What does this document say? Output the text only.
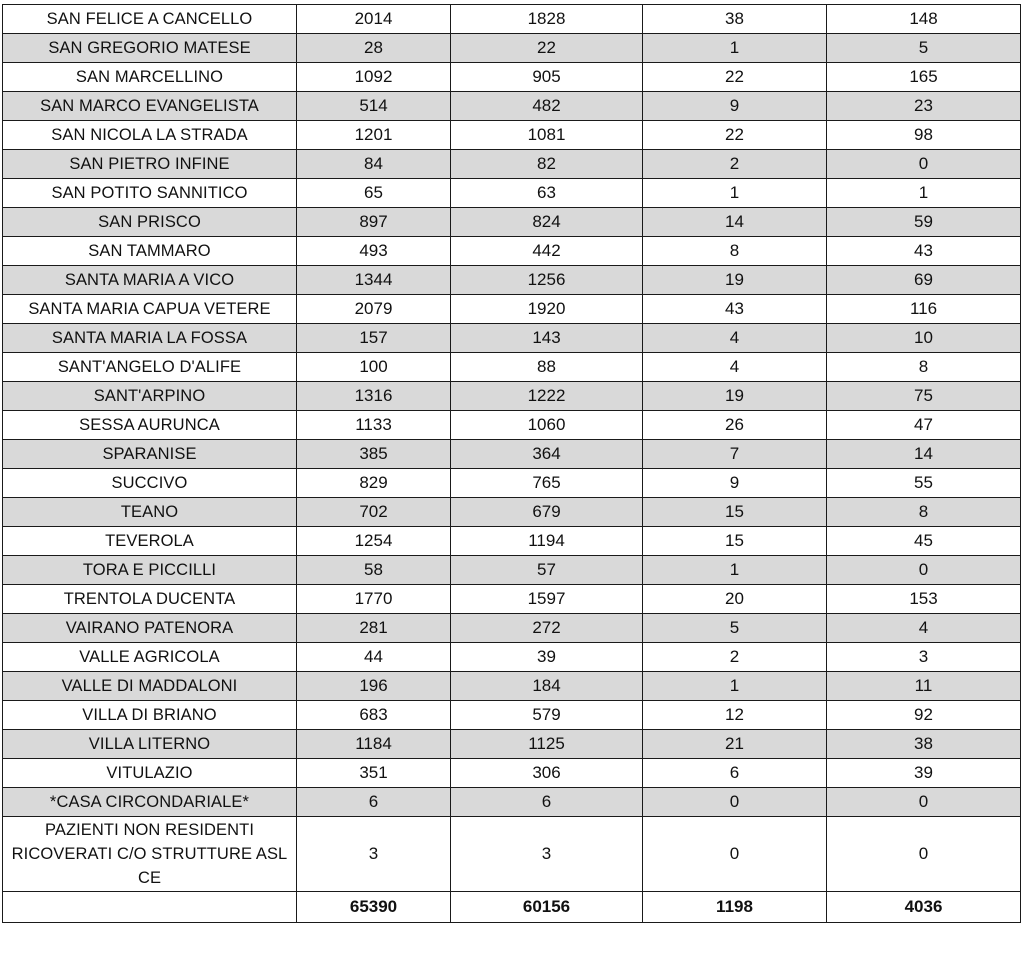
SAN FELICE A CANCELLO	2014	1828	38	148
SAN GREGORIO MATESE	28	22	1	5
SAN MARCELLINO	1092	905	22	165
SAN MARCO EVANGELISTA	514	482	9	23
SAN NICOLA LA STRADA	1201	1081	22	98
SAN PIETRO INFINE	84	82	2	0
SAN POTITO SANNITICO	65	63	1	1
SAN PRISCO	897	824	14	59
SAN TAMMARO	493	442	8	43
SANTA MARIA A VICO	1344	1256	19	69
SANTA MARIA CAPUA VETERE	2079	1920	43	116
SANTA MARIA LA FOSSA	157	143	4	10
SANT'ANGELO D'ALIFE	100	88	4	8
SANT'ARPINO	1316	1222	19	75
SESSA AURUNCA	1133	1060	26	47
SPARANISE	385	364	7	14
SUCCIVO	829	765	9	55
TEANO	702	679	15	8
TEVEROLA	1254	1194	15	45
TORA E PICCILLI	58	57	1	0
TRENTOLA DUCENTA	1770	1597	20	153
VAIRANO PATENORA	281	272	5	4
VALLE AGRICOLA	44	39	2	3
VALLE DI MADDALONI	196	184	1	11
VILLA DI BRIANO	683	579	12	92
VILLA LITERNO	1184	1125	21	38
VITULAZIO	351	306	6	39
*CASA CIRCONDARIALE*	6	6	0	0
PAZIENTI NON RESIDENTI RICOVERATI C/O STRUTTURE ASL CE	3	3	0	0
	65390	60156	1198	4036
